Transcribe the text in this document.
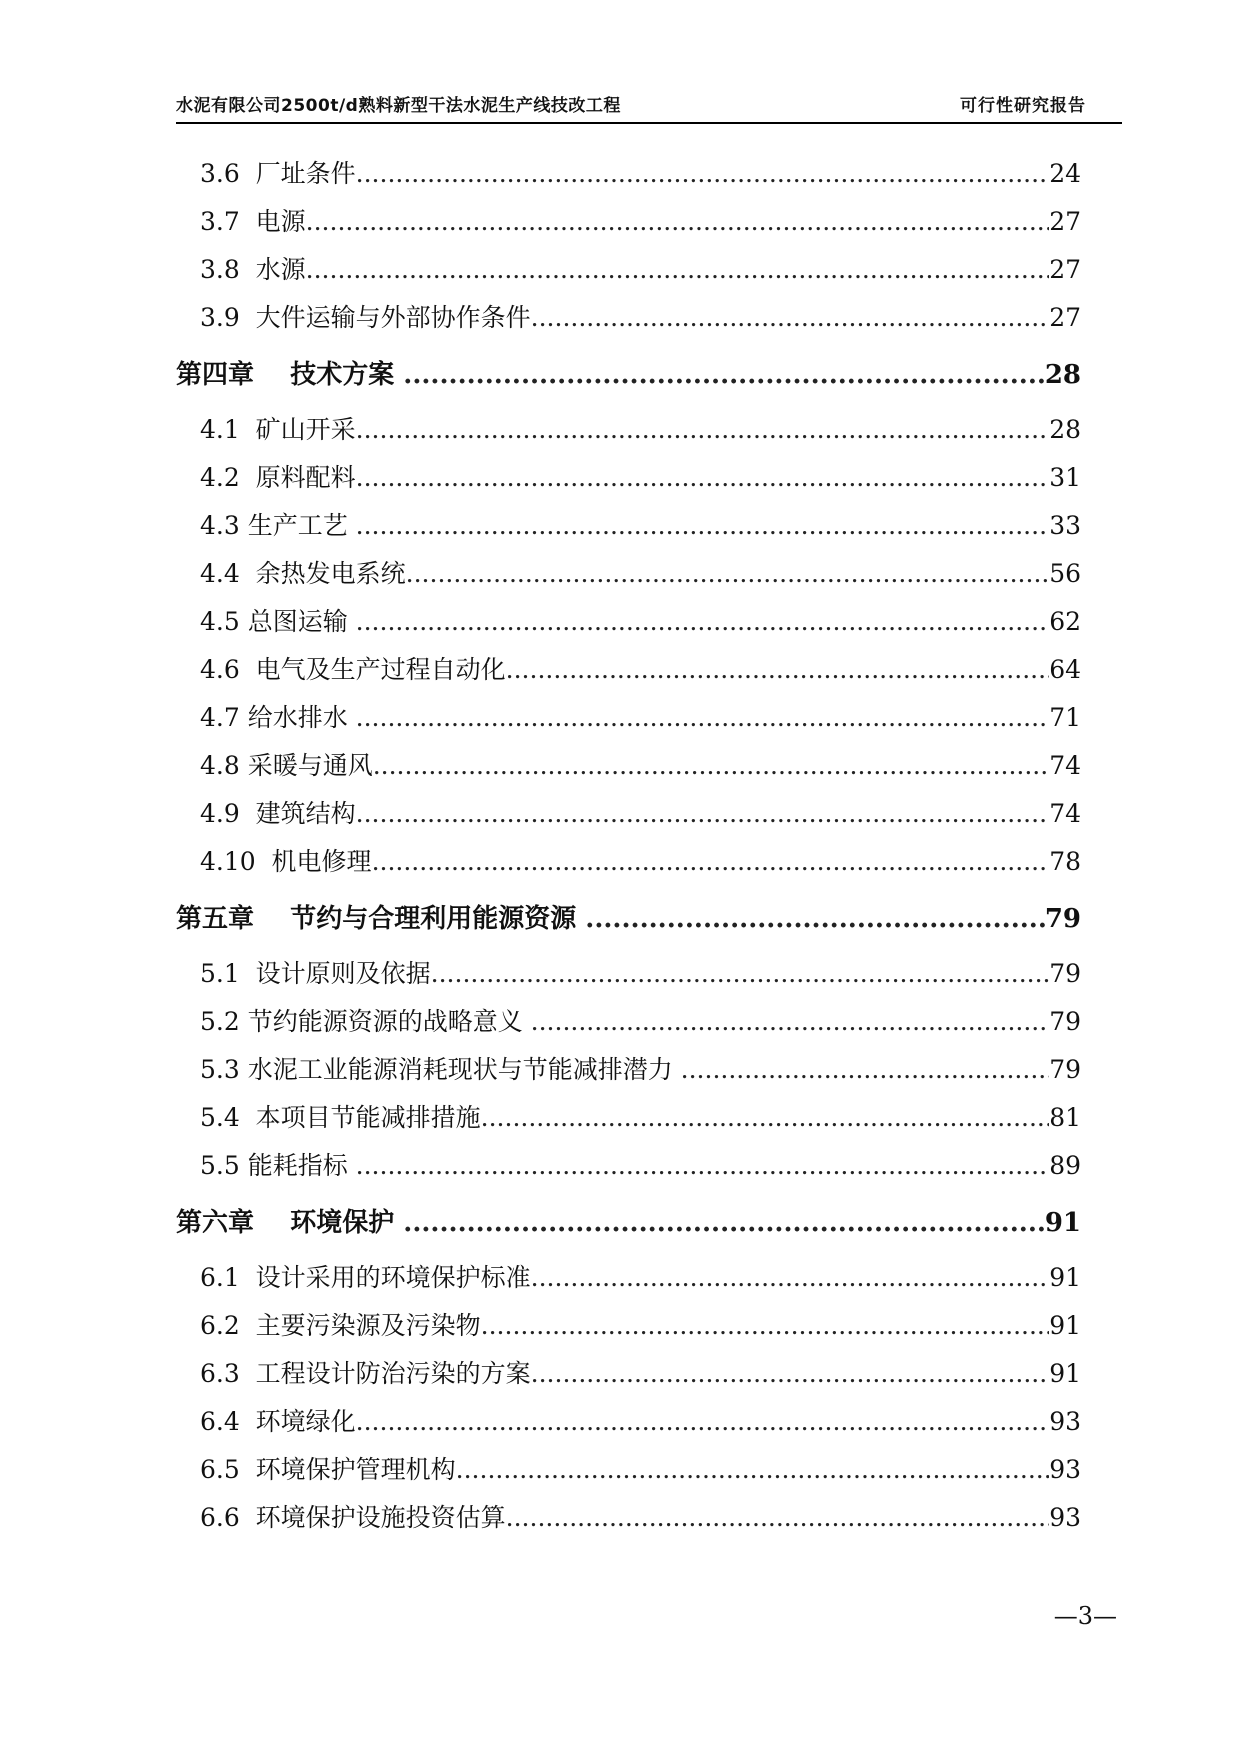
水泥有限公司2500t/d熟料新型干法水泥生产线技改工程	可行性研究报告
3.6  厂址条件 .....	24
3.7  电源 .....	27
3.8  水源 .....	27
3.9  大件运输与外部协作条件 .....	27
第四章    技术方案 .....	28
4.1  矿山开采 .....	28
4.2  原料配料 .....	31
4.3 生产工艺 .....	33
4.4  余热发电系统 .....	56
4.5 总图运输 .....	62
4.6  电气及生产过程自动化 .....	64
4.7 给水排水 .....	71
4.8 采暖与通风 .....	74
4.9  建筑结构 .....	74
4.10  机电修理 .....	78
第五章    节约与合理利用能源资源 .....	79
5.1  设计原则及依据 .....	79
5.2 节约能源资源的战略意义 .....	79
5.3 水泥工业能源消耗现状与节能减排潜力 .....	79
5.4  本项目节能减排措施 .....	81
5.5 能耗指标 .....	89
第六章    环境保护 .....	91
6.1  设计采用的环境保护标准 .....	91
6.2  主要污染源及污染物 .....	91
6.3  工程设计防治污染的方案 .....	91
6.4  环境绿化 .....	93
6.5  环境保护管理机构 .....	93
6.6  环境保护设施投资估算 .....	93
—3—
